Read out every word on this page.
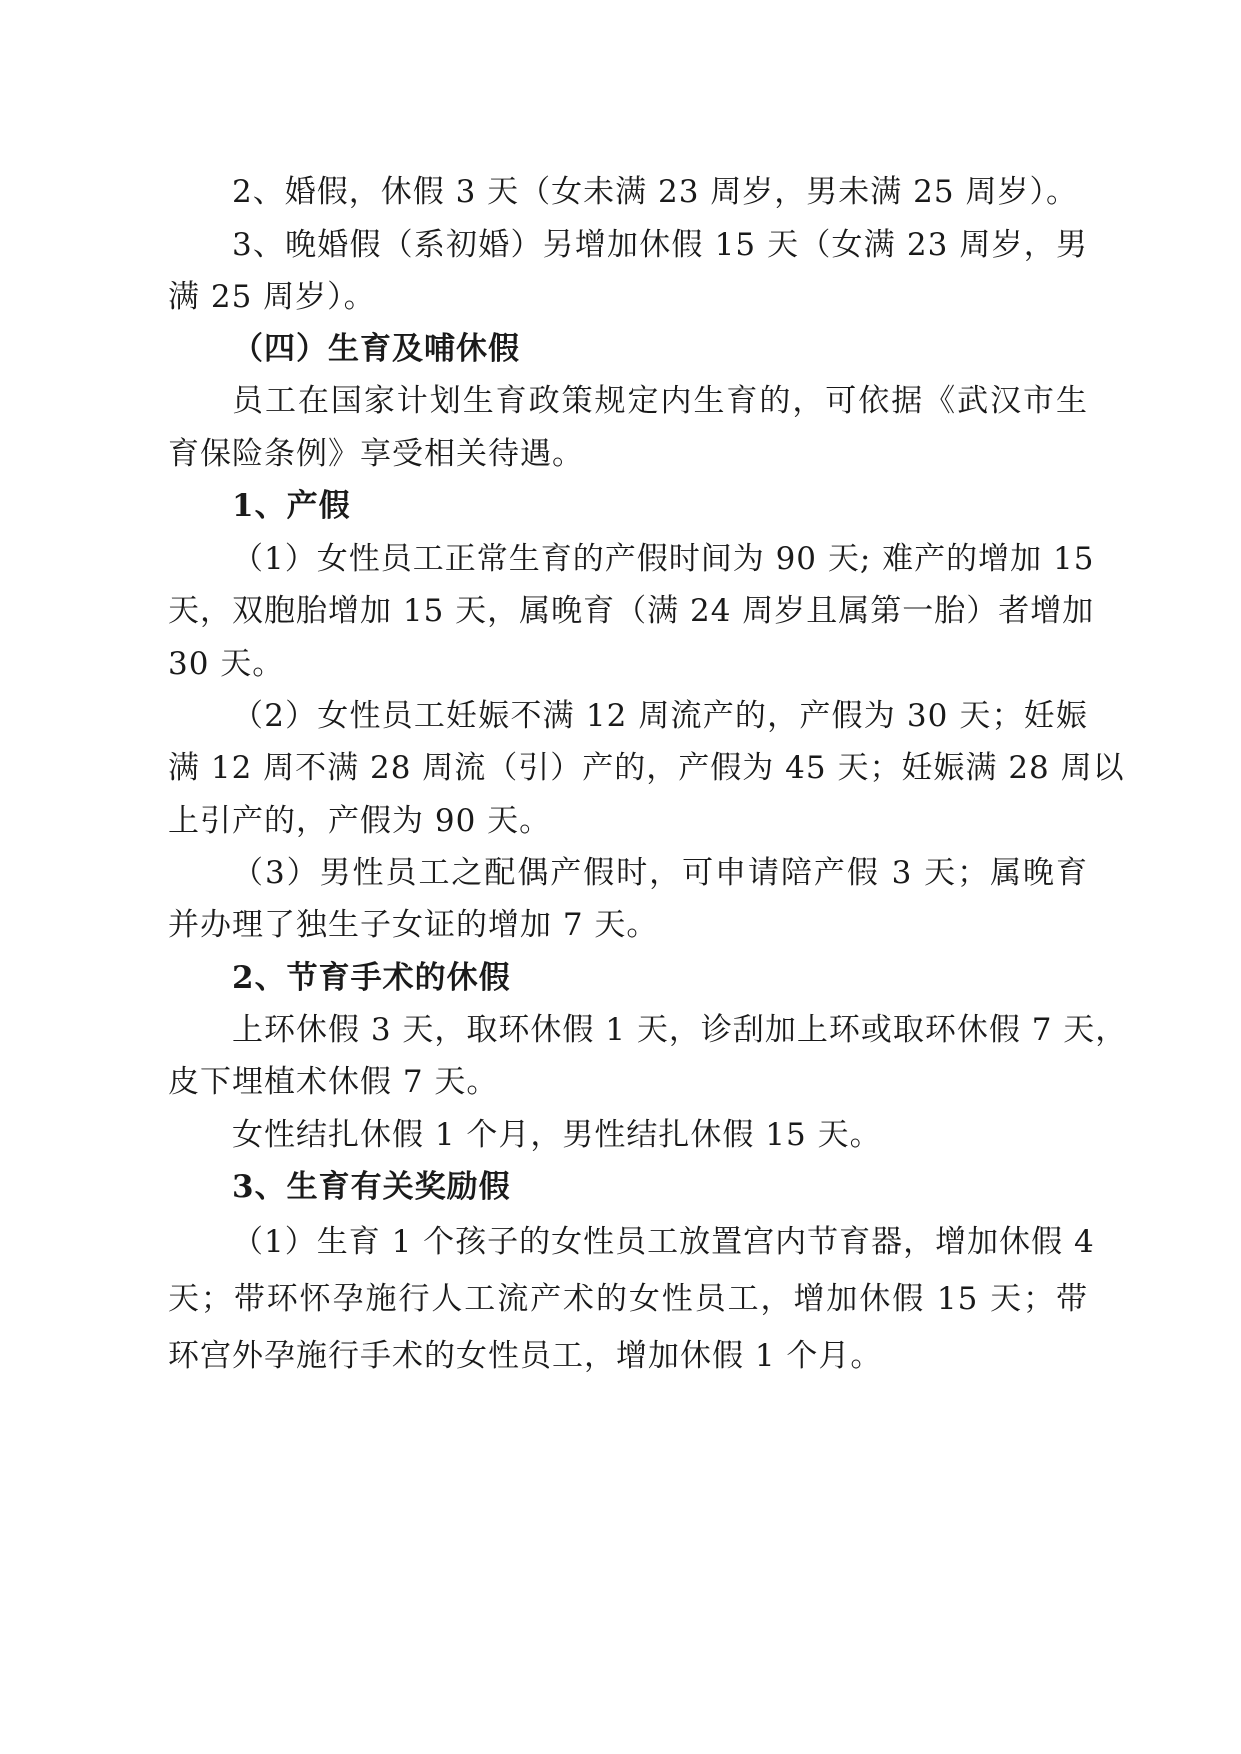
2、婚假，休假 3 天（女未满 23 周岁，男未满 25 周岁）。
3、晚婚假（系初婚）另增加休假 15 天（女满 23 周岁，男
满 25 周岁）。
（四）生育及哺休假
员工在国家计划生育政策规定内生育的，可依据《武汉市生
育保险条例》享受相关待遇。
1、产假
（1）女性员工正常生育的产假时间为 90 天; 难产的增加 15
天，双胞胎增加 15 天，属晚育（满 24 周岁且属第一胎）者增加
30 天。
（2）女性员工妊娠不满 12 周流产的，产假为 30 天；妊娠
满 12 周不满 28 周流（引）产的，产假为 45 天；妊娠满 28 周以
上引产的，产假为 90 天。
（3）男性员工之配偶产假时，可申请陪产假 3 天；属晚育
并办理了独生子女证的增加 7 天。
2、节育手术的休假
上环休假 3 天，取环休假 1 天，诊刮加上环或取环休假 7 天，
皮下埋植术休假 7 天。
女性结扎休假 1 个月，男性结扎休假 15 天。
3、生育有关奖励假
（1）生育 1 个孩子的女性员工放置宫内节育器，增加休假 4
天；带环怀孕施行人工流产术的女性员工，增加休假 15 天；带
环宫外孕施行手术的女性员工，增加休假 1 个月。
